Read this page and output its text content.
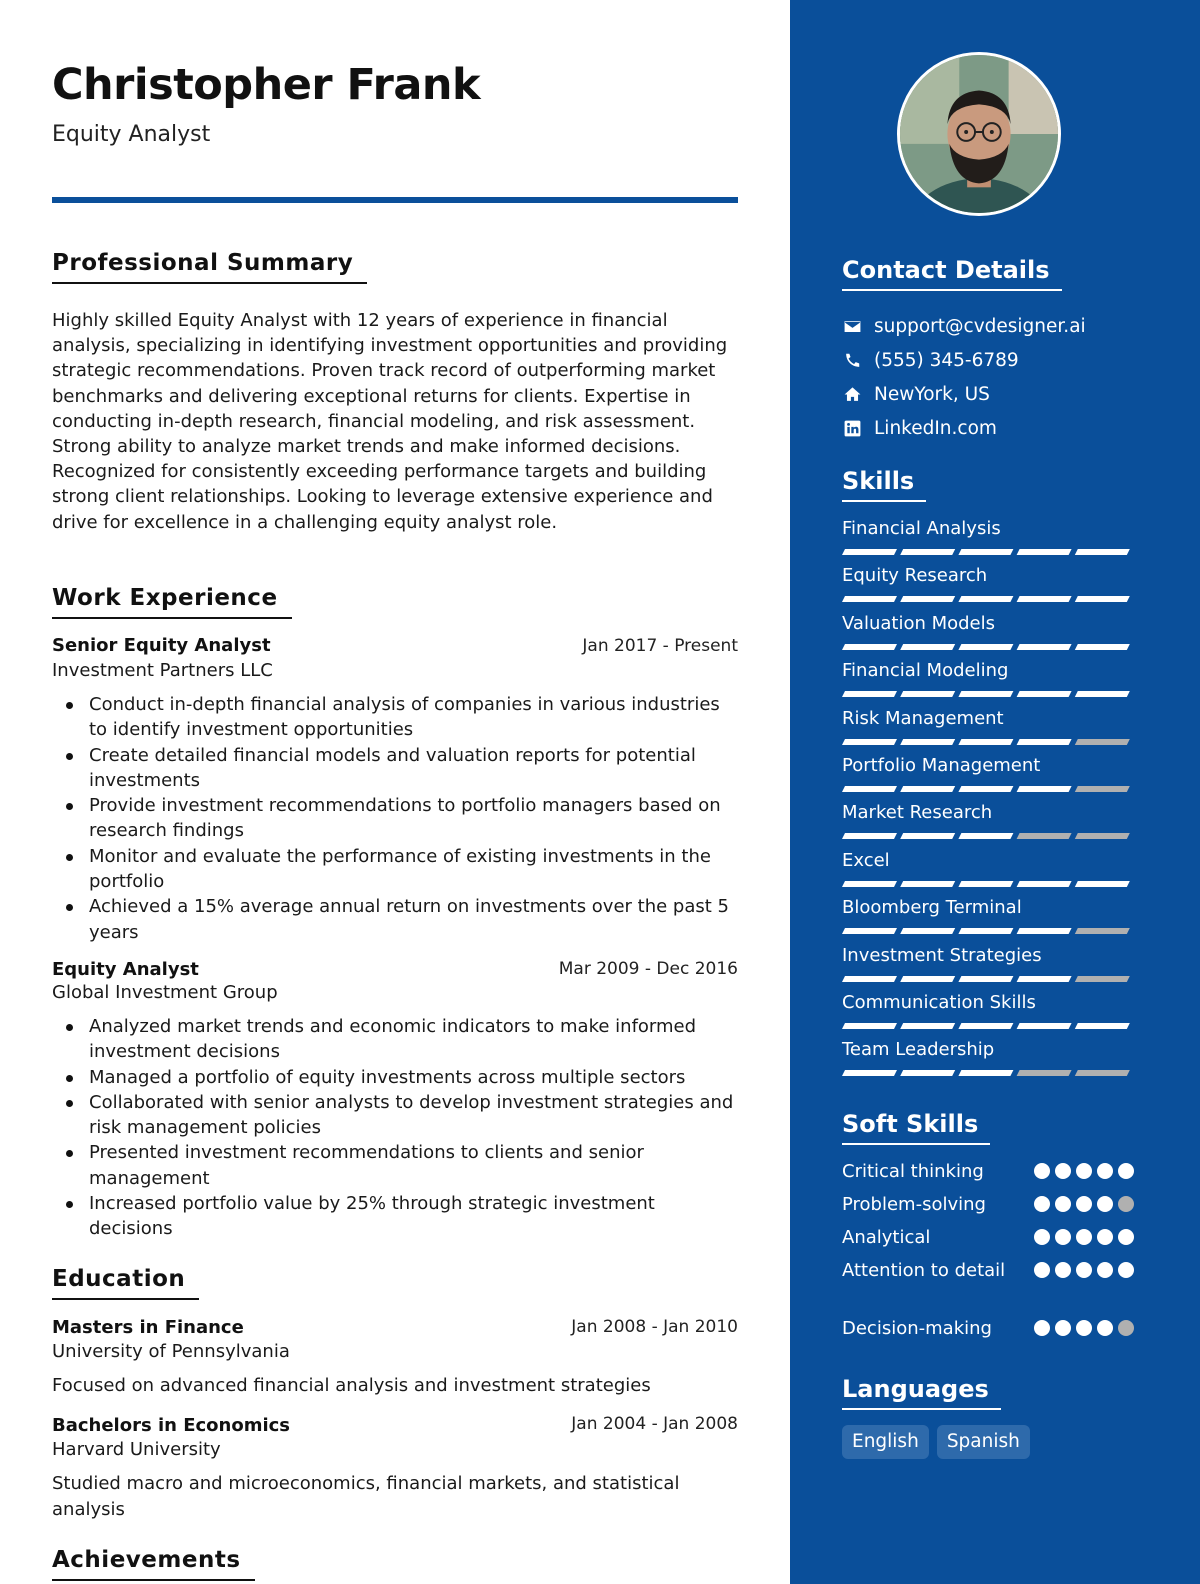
Christopher Frank
Equity Analyst
Professional Summary

Highly skilled Equity Analyst with 12 years of experience in financial analysis, specializing in identifying investment opportunities and providing strategic recommendations. Proven track record of outperforming market benchmarks and delivering exceptional returns for clients. Expertise in conducting in-depth research, financial modeling, and risk assessment. Strong ability to analyze market trends and make informed decisions. Recognized for consistently exceeding performance targets and building strong client relationships. Looking to leverage extensive experience and drive for excellence in a challenging equity analyst role.

Work Experience
Senior Equity Analyst	Jan 2017 - Present
Investment Partners LLC
Conduct in-depth financial analysis of companies in various industries to identify investment opportunities
Create detailed financial models and valuation reports for potential investments
Provide investment recommendations to portfolio managers based on research findings
Monitor and evaluate the performance of existing investments in the portfolio
Achieved a 15% average annual return on investments over the past 5 years
Equity Analyst	Mar 2009 - Dec 2016
Global Investment Group
Analyzed market trends and economic indicators to make informed investment decisions
Managed a portfolio of equity investments across multiple sectors
Collaborated with senior analysts to develop investment strategies and risk management policies
Presented investment recommendations to clients and senior management
Increased portfolio value by 25% through strategic investment decisions
Education
Masters in Finance	Jan 2008 - Jan 2010
University of Pennsylvania
Focused on advanced financial analysis and investment strategies
Bachelors in Economics	Jan 2004 - Jan 2008
Harvard University
Studied macro and microeconomics, financial markets, and statistical analysis
Achievements
Contact Details
support@cvdesigner.ai
(555) 345-6789
NewYork, US
LinkedIn.com
Skills
Financial Analysis
Equity Research
Valuation Models
Financial Modeling
Risk Management
Portfolio Management
Market Research
Excel
Bloomberg Terminal
Investment Strategies
Communication Skills
Team Leadership
Soft Skills
Critical thinking
Problem-solving
Analytical
Attention to detail
Decision-making
Languages
English	Spanish
